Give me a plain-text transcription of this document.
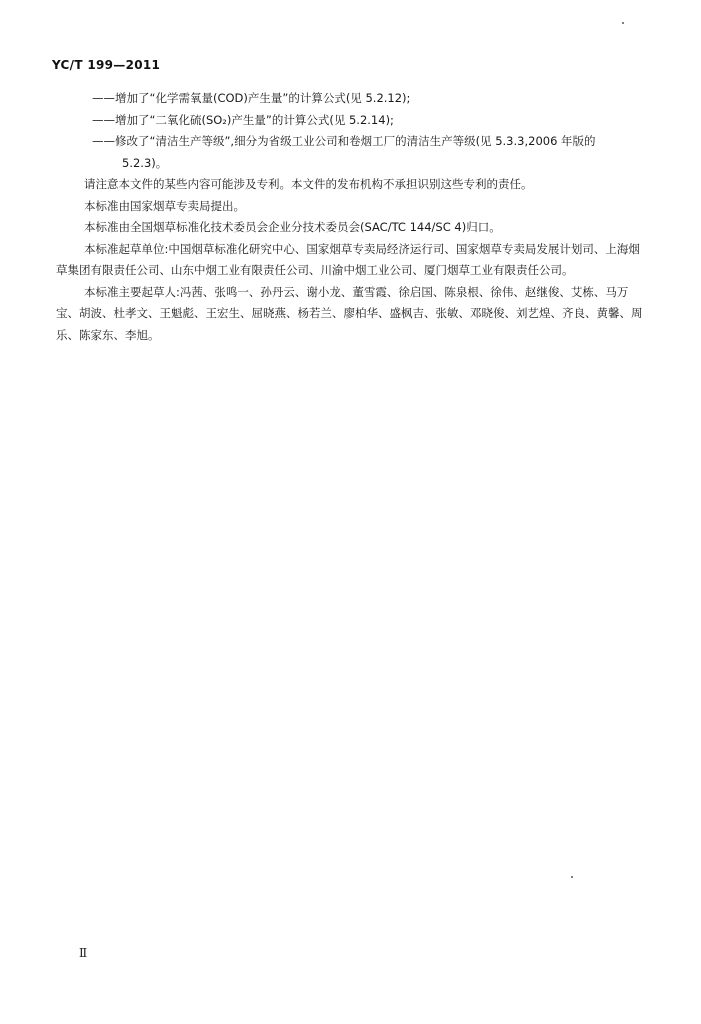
YC/T 199—2011

——增加了“化学需氧量(COD)产生量”的计算公式(见 5.2.12);

——增加了“二氧化硫(SO₂)产生量”的计算公式(见 5.2.14);

——修改了“清洁生产等级”,细分为省级工业公司和卷烟工厂的清洁生产等级(见 5.3.3,2006 年版的 5.2.3)。

请注意本文件的某些内容可能涉及专利。本文件的发布机构不承担识别这些专利的责任。

本标准由国家烟草专卖局提出。

本标准由全国烟草标准化技术委员会企业分技术委员会(SAC/TC 144/SC 4)归口。

本标准起草单位:中国烟草标准化研究中心、国家烟草专卖局经济运行司、国家烟草专卖局发展计划司、上海烟草集团有限责任公司、山东中烟工业有限责任公司、川渝中烟工业公司、厦门烟草工业有限责任公司。

本标准主要起草人:冯茜、张鸣一、孙丹云、谢小龙、董雪霞、徐启国、陈泉根、徐伟、赵继俊、艾栋、马万宝、胡波、杜孝文、王魁彪、王宏生、屈晓燕、杨若兰、廖柏华、盛枫吉、张敏、邓晓俊、刘艺煌、齐良、黄馨、周乐、陈家东、李旭。

Ⅱ
